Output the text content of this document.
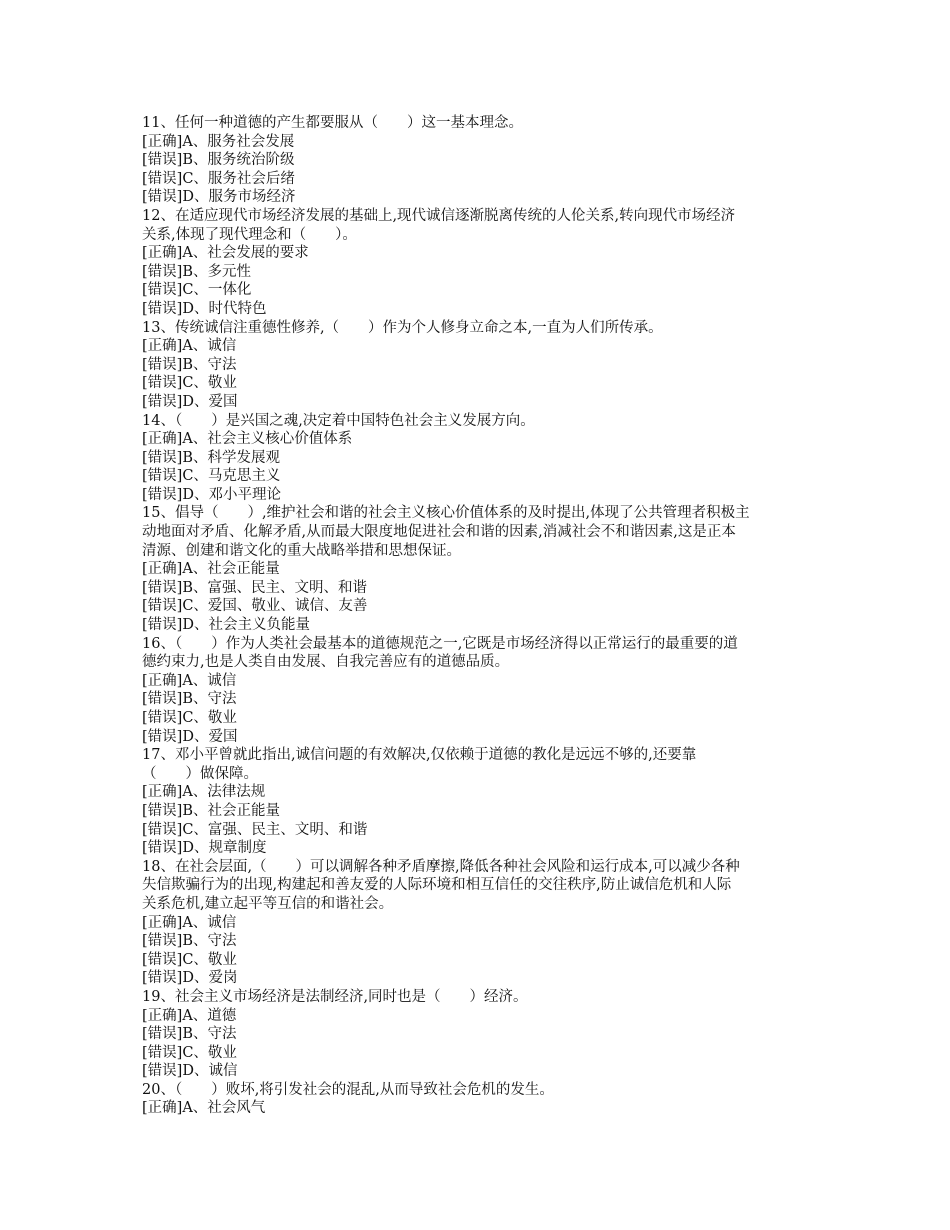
11、任何一种道德的产生都要服从（　　）这一基本理念。
[正确]A、服务社会发展
[错误]B、服务统治阶级
[错误]C、服务社会后绪
[错误]D、服务市场经济
12、在适应现代市场经济发展的基础上,现代诚信逐渐脱离传统的人伦关系,转向现代市场经济
关系,体现了现代理念和（　　）。
[正确]A、社会发展的要求
[错误]B、多元性
[错误]C、一体化
[错误]D、时代特色
13、传统诚信注重德性修养,（　　）作为个人修身立命之本,一直为人们所传承。
[正确]A、诚信
[错误]B、守法
[错误]C、敬业
[错误]D、爱国
14、（　　）是兴国之魂,决定着中国特色社会主义发展方向。
[正确]A、社会主义核心价值体系
[错误]B、科学发展观
[错误]C、马克思主义
[错误]D、邓小平理论
15、倡导（　　）,维护社会和谐的社会主义核心价值体系的及时提出,体现了公共管理者积极主
动地面对矛盾、化解矛盾,从而最大限度地促进社会和谐的因素,消减社会不和谐因素,这是正本
清源、创建和谐文化的重大战略举措和思想保证。
[正确]A、社会正能量
[错误]B、富强、民主、文明、和谐
[错误]C、爱国、敬业、诚信、友善
[错误]D、社会主义负能量
16、（　　）作为人类社会最基本的道德规范之一,它既是市场经济得以正常运行的最重要的道
德约束力,也是人类自由发展、自我完善应有的道德品质。
[正确]A、诚信
[错误]B、守法
[错误]C、敬业
[错误]D、爱国
17、邓小平曾就此指出,诚信问题的有效解决,仅依赖于道德的教化是远远不够的,还要靠
（　　）做保障。
[正确]A、法律法规
[错误]B、社会正能量
[错误]C、富强、民主、文明、和谐
[错误]D、规章制度
18、在社会层面,（　　）可以调解各种矛盾摩擦,降低各种社会风险和运行成本,可以减少各种
失信欺骗行为的出现,构建起和善友爱的人际环境和相互信任的交往秩序,防止诚信危机和人际
关系危机,建立起平等互信的和谐社会。
[正确]A、诚信
[错误]B、守法
[错误]C、敬业
[错误]D、爱岗
19、社会主义市场经济是法制经济,同时也是（　　）经济。
[正确]A、道德
[错误]B、守法
[错误]C、敬业
[错误]D、诚信
20、（　　）败坏,将引发社会的混乱,从而导致社会危机的发生。
[正确]A、社会风气
